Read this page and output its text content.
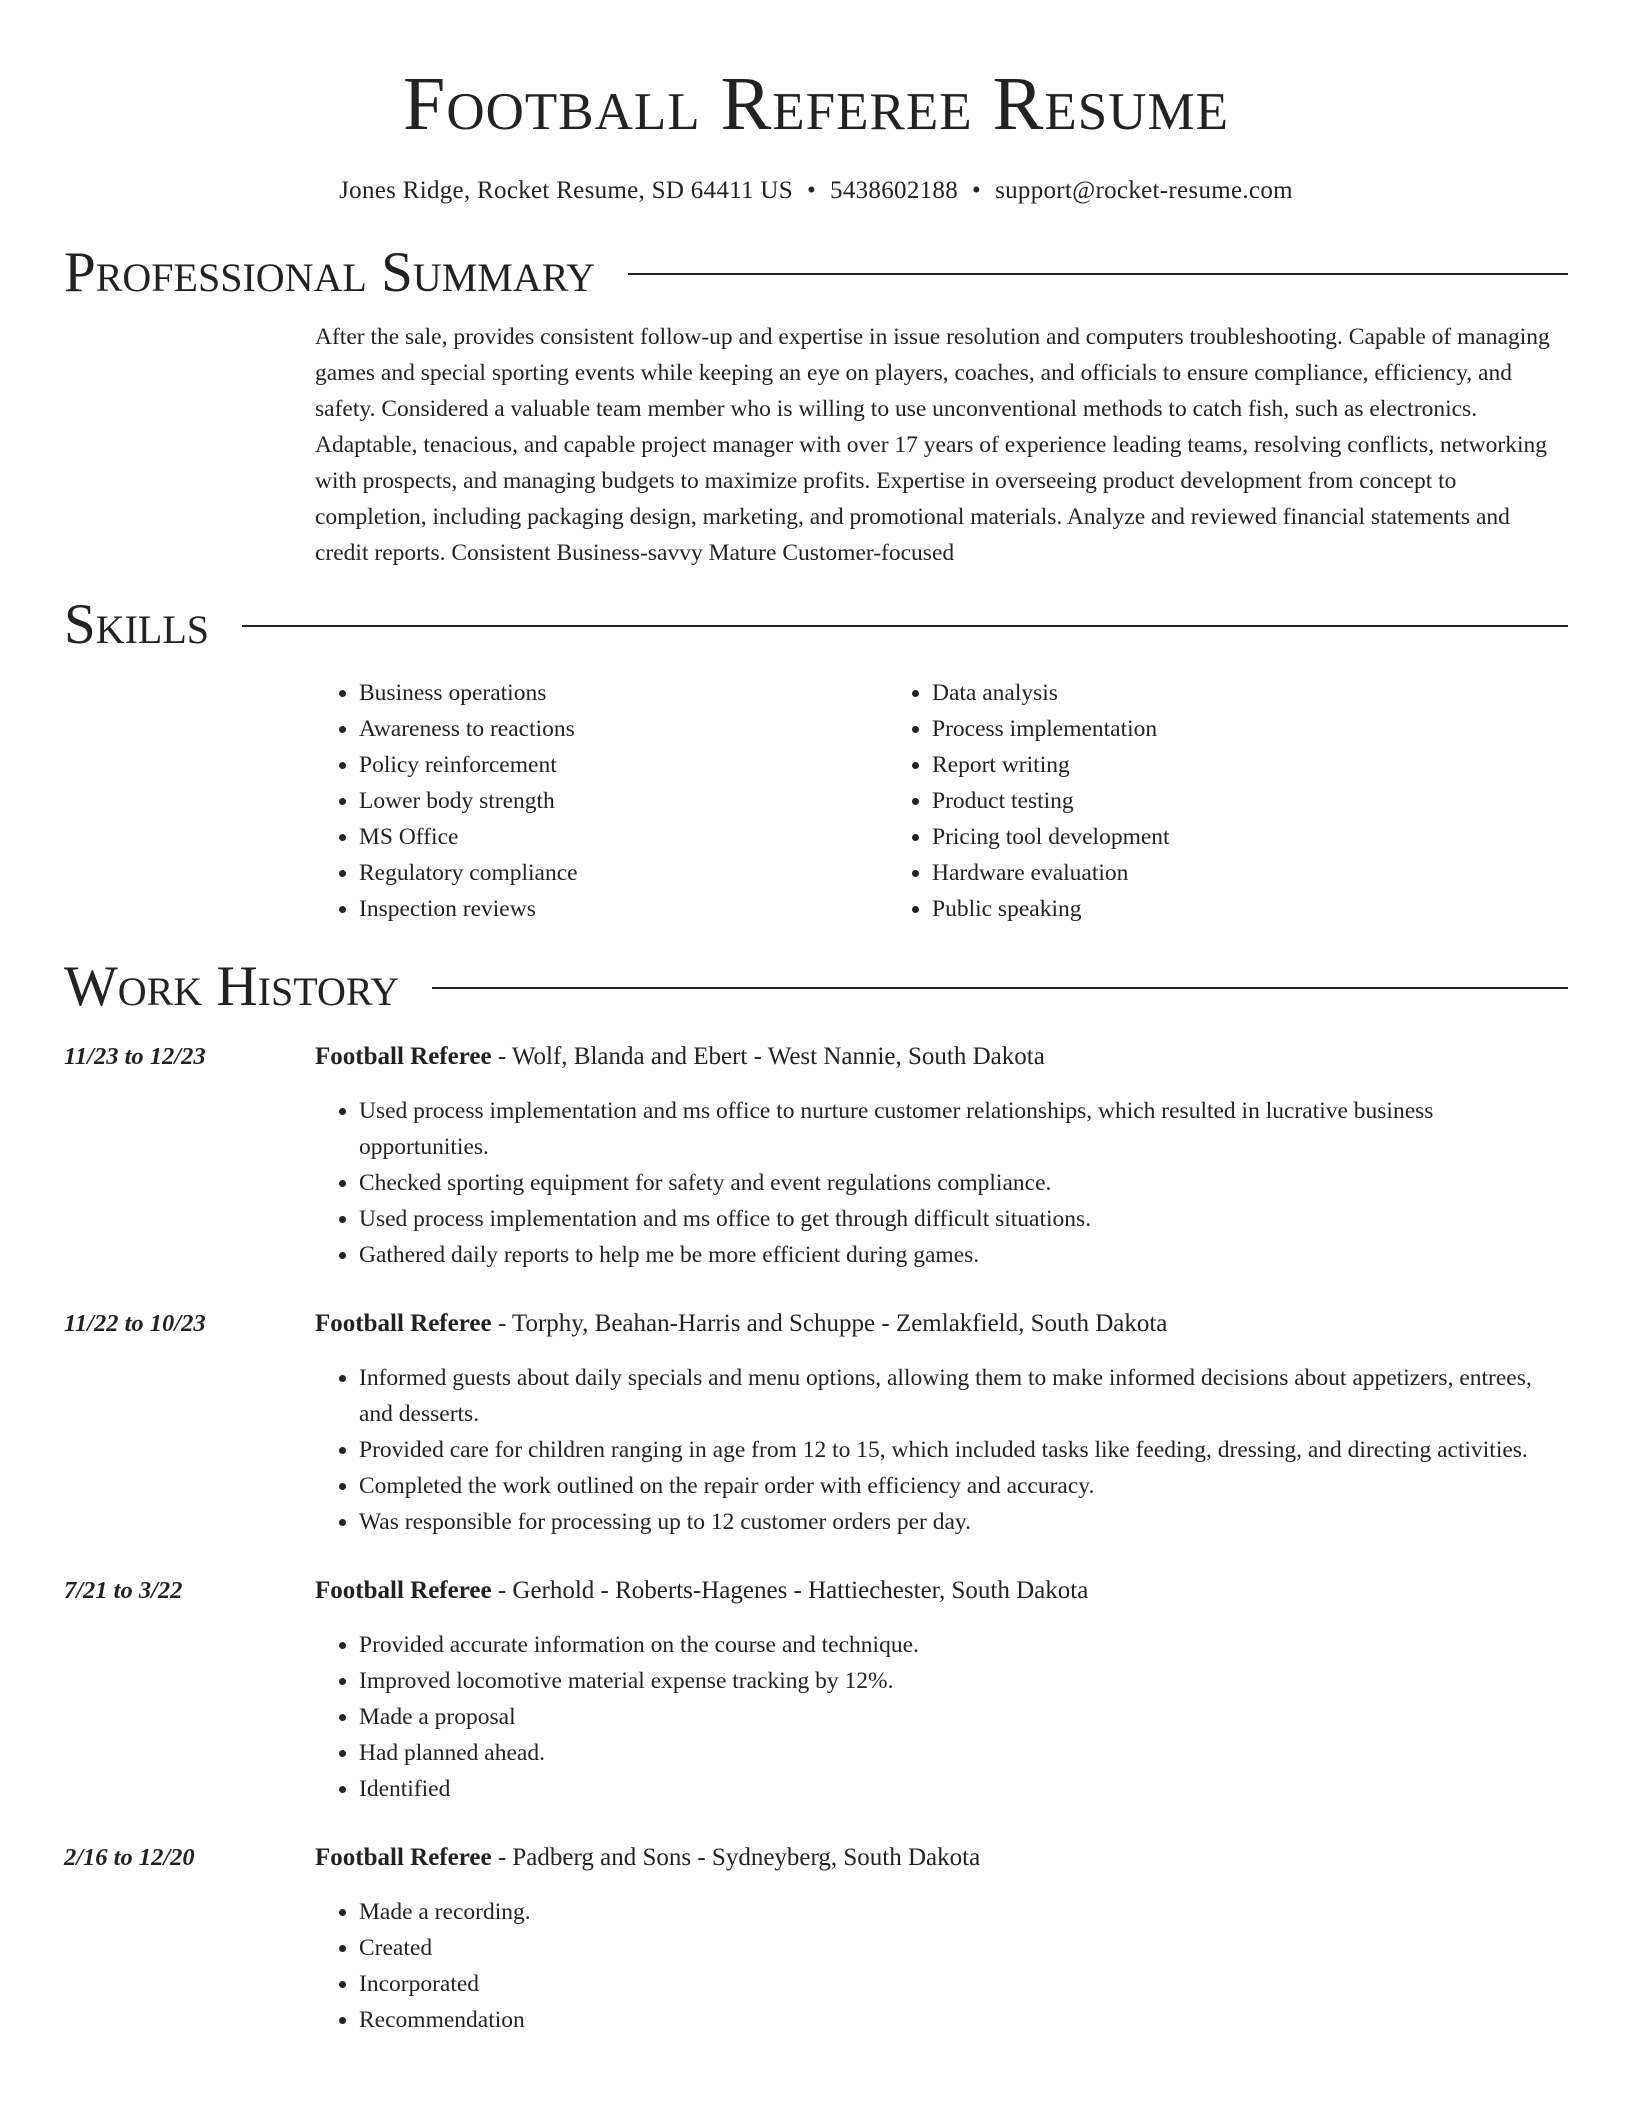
Football Referee Resume
Jones Ridge, Rocket Resume, SD 64411 US • 5438602188 • support@rocket-resume.com
Professional Summary

After the sale, provides consistent follow-up and expertise in issue resolution and computers troubleshooting. Capable of managing games and special sporting events while keeping an eye on players, coaches, and officials to ensure compliance, efficiency, and safety. Considered a valuable team member who is willing to use unconventional methods to catch fish, such as electronics. Adaptable, tenacious, and capable project manager with over 17 years of experience leading teams, resolving conflicts, networking with prospects, and managing budgets to maximize profits. Expertise in overseeing product development from concept to completion, including packaging design, marketing, and promotional materials. Analyze and reviewed financial statements and credit reports. Consistent Business-savvy Mature Customer-focused

Skills
• Business operations
• Awareness to reactions
• Policy reinforcement
• Lower body strength
• MS Office
• Regulatory compliance
• Inspection reviews
• Data analysis
• Process implementation
• Report writing
• Product testing
• Pricing tool development
• Hardware evaluation
• Public speaking
Work History
11/23 to 12/23	Football Referee - Wolf, Blanda and Ebert - West Nannie, South Dakota
• Used process implementation and ms office to nurture customer relationships, which resulted in lucrative business opportunities.
• Checked sporting equipment for safety and event regulations compliance.
• Used process implementation and ms office to get through difficult situations.
• Gathered daily reports to help me be more efficient during games.
11/22 to 10/23	Football Referee - Torphy, Beahan-Harris and Schuppe - Zemlakfield, South Dakota
• Informed guests about daily specials and menu options, allowing them to make informed decisions about appetizers, entrees, and desserts.
• Provided care for children ranging in age from 12 to 15, which included tasks like feeding, dressing, and directing activities.
• Completed the work outlined on the repair order with efficiency and accuracy.
• Was responsible for processing up to 12 customer orders per day.
7/21 to 3/22	Football Referee - Gerhold - Roberts-Hagenes - Hattiechester, South Dakota
• Provided accurate information on the course and technique.
• Improved locomotive material expense tracking by 12%.
• Made a proposal
• Had planned ahead.
• Identified
2/16 to 12/20	Football Referee - Padberg and Sons - Sydneyberg, South Dakota
• Made a recording.
• Created
• Incorporated
• Recommendation
